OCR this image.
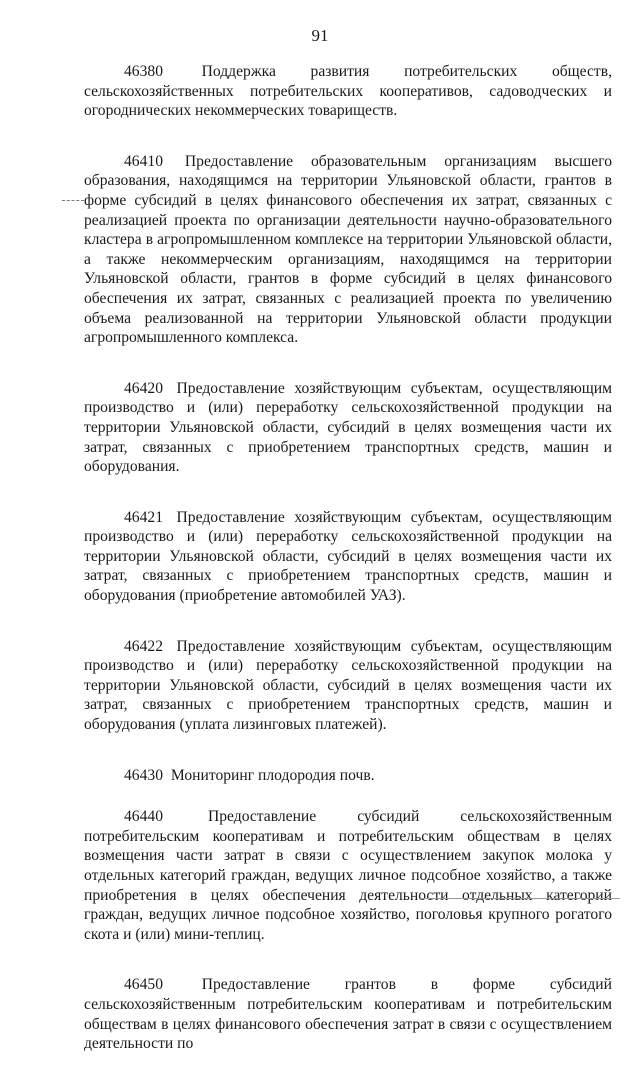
91

46380 Поддержка развития потребительских обществ, сельскохозяйственных потребительских кооперативов, садоводческих и огороднических некоммерческих товариществ.

46410 Предоставление образовательным организациям высшего образования, находящимся на территории Ульяновской области, грантов в форме субсидий в целях финансового обеспечения их затрат, связанных с реализацией проекта по организации деятельности научно-образовательного кластера в агропромышленном комплексе на территории Ульяновской области, а также некоммерческим организациям, находящимся на территории Ульяновской области, грантов в форме субсидий в целях финансового обеспечения их затрат, связанных с реализацией проекта по увеличению объема реализованной на территории Ульяновской области продукции агропромышленного комплекса.

46420 Предоставление хозяйствующим субъектам, осуществляющим производство и (или) переработку сельскохозяйственной продукции на территории Ульяновской области, субсидий в целях возмещения части их затрат, связанных с приобретением транспортных средств, машин и оборудования.

46421 Предоставление хозяйствующим субъектам, осуществляющим производство и (или) переработку сельскохозяйственной продукции на территории Ульяновской области, субсидий в целях возмещения части их затрат, связанных с приобретением транспортных средств, машин и оборудования (приобретение автомобилей УАЗ).

46422 Предоставление хозяйствующим субъектам, осуществляющим производство и (или) переработку сельскохозяйственной продукции на территории Ульяновской области, субсидий в целях возмещения части их затрат, связанных с приобретением транспортных средств, машин и оборудования (уплата лизинговых платежей).

46430 Мониторинг плодородия почв.

46440	Предоставление субсидий сельскохозяйственным потребительским кооперативам и потребительским обществам в целях возмещения части затрат в связи с осуществлением закупок молока у отдельных категорий граждан, ведущих личное подсобное хозяйство, а также приобретения в целях обеспечения деятельности отдельных категорий граждан, ведущих личное подсобное хозяйство, поголовья крупного рогатого скота и (или) мини-теплиц.

46450 Предоставление грантов в форме субсидий сельскохозяйственным потребительским кооперативам и потребительским обществам в целях финансового обеспечения затрат в связи с осуществлением деятельности по
